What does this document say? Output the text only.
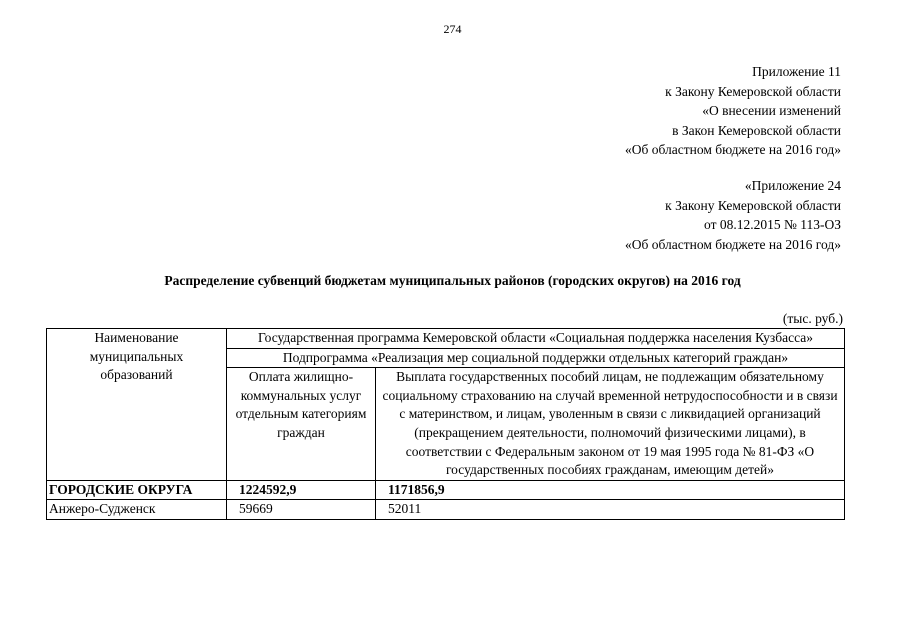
274
Приложение 11
к Закону Кемеровской области
«О внесении изменений
в Закон Кемеровской области
«Об областном бюджете на 2016 год»
«Приложение 24
к Закону Кемеровской области
от 08.12.2015 № 113-ОЗ
«Об областном бюджете на 2016 год»
Распределение субвенций бюджетам муниципальных районов (городских округов) на 2016 год
(тыс. руб.)
Наименование муниципальных образований	Государственная программа Кемеровской области «Социальная поддержка населения Кузбасса»	
	Подпрограмма «Реализация мер социальной поддержки отдельных категорий граждан»	
	Оплата жилищно-коммунальных услуг отдельным категориям граждан	Выплата государственных пособий лицам, не подлежащим обязательному социальному страхованию на случай временной нетрудоспособности и в связи с материнством, и лицам, уволенным в связи с ликвидацией организаций (прекращением деятельности, полномочий физическими лицами), в соответствии с Федеральным законом от 19 мая 1995 года № 81-ФЗ «О государственных пособиях гражданам, имеющим детей»
ГОРОДСКИЕ ОКРУГА	1224592,9	1171856,9
Анжеро-Судженск	59669	52011
